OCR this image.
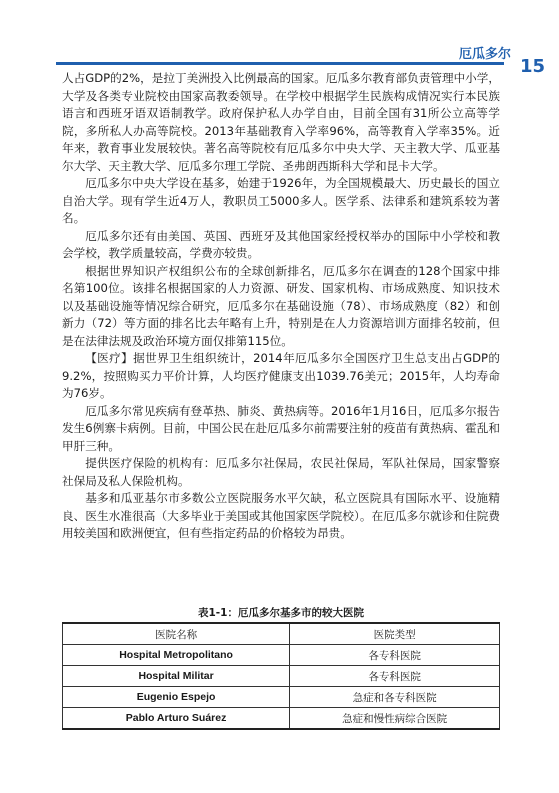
厄瓜多尔
15

人占GDP的2%，是拉丁美洲投入比例最高的国家。厄瓜多尔教育部负责管理中小学，大学及各类专业院校由国家高教委领导。在学校中根据学生民族构成情况实行本民族语言和西班牙语双语制教学。政府保护私人办学自由，目前全国有31所公立高等学院，多所私人办高等院校。2013年基础教育入学率96%，高等教育入学率35%。近年来，教育事业发展较快。著名高等院校有厄瓜多尔中央大学、天主教大学、瓜亚基尔大学、天主教大学、厄瓜多尔理工学院、圣弗朗西斯科大学和昆卡大学。

厄瓜多尔中央大学设在基多，始建于1926年，为全国规模最大、历史最长的国立自治大学。现有学生近4万人，教职员工5000多人。医学系、法律系和建筑系较为著名。

厄瓜多尔还有由美国、英国、西班牙及其他国家经授权举办的国际中小学校和教会学校，教学质量较高，学费亦较贵。

根据世界知识产权组织公布的全球创新排名，厄瓜多尔在调查的128个国家中排名第100位。该排名根据国家的人力资源、研发、国家机构、市场成熟度、知识技术以及基础设施等情况综合研究，厄瓜多尔在基础设施（78）、市场成熟度（82）和创新力（72）等方面的排名比去年略有上升，特别是在人力资源培训方面排名较前，但是在法律法规及政治环境方面仅排第115位。

【医疗】据世界卫生组织统计，2014年厄瓜多尔全国医疗卫生总支出占GDP的9.2%，按照购买力平价计算，人均医疗健康支出1039.76美元；2015年，人均寿命为76岁。

厄瓜多尔常见疾病有登革热、肺炎、黄热病等。2016年1月16日，厄瓜多尔报告发生6例寨卡病例。目前，中国公民在赴厄瓜多尔前需要注射的疫苗有黄热病、霍乱和甲肝三种。

提供医疗保险的机构有：厄瓜多尔社保局，农民社保局，军队社保局，国家警察社保局及私人保险机构。

基多和瓜亚基尔市多数公立医院服务水平欠缺，私立医院具有国际水平、设施精良、医生水准很高（大多毕业于美国或其他国家医学院校）。在厄瓜多尔就诊和住院费用较美国和欧洲便宜，但有些指定药品的价格较为昂贵。

表1-1：厄瓜多尔基多市的较大医院
医院名称	医院类型
Hospital Metropolitano	各专科医院
Hospital Militar	各专科医院
Eugenio Espejo	急症和各专科医院
Pablo Arturo Suárez	急症和慢性病综合医院
